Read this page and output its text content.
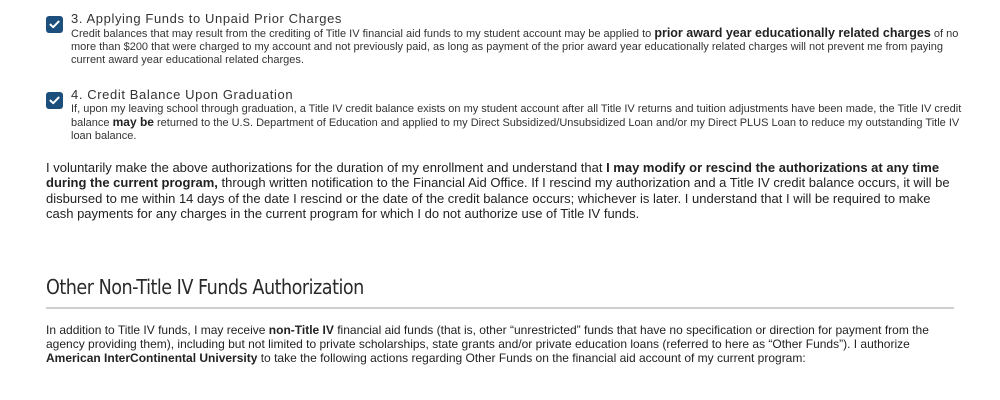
3. Applying Funds to Unpaid Prior Charges
Credit balances that may result from the crediting of Title IV financial aid funds to my student account may be applied to prior award year educationally related charges of no more than $200 that were charged to my account and not previously paid, as long as payment of the prior award year educationally related charges will not prevent me from paying current award year educational related charges.
4. Credit Balance Upon Graduation
If, upon my leaving school through graduation, a Title IV credit balance exists on my student account after all Title IV returns and tuition adjustments have been made, the Title IV credit balance may be returned to the U.S. Department of Education and applied to my Direct Subsidized/Unsubsidized Loan and/or my Direct PLUS Loan to reduce my outstanding Title IV loan balance.
I voluntarily make the above authorizations for the duration of my enrollment and understand that I may modify or rescind the authorizations at any time during the current program, through written notification to the Financial Aid Office. If I rescind my authorization and a Title IV credit balance occurs, it will be disbursed to me within 14 days of the date I rescind or the date of the credit balance occurs; whichever is later. I understand that I will be required to make cash payments for any charges in the current program for which I do not authorize use of Title IV funds.
Other Non-Title IV Funds Authorization
In addition to Title IV funds, I may receive non-Title IV financial aid funds (that is, other “unrestricted” funds that have no specification or direction for payment from the agency providing them), including but not limited to private scholarships, state grants and/or private education loans (referred to here as “Other Funds”). I authorize American InterContinental University to take the following actions regarding Other Funds on the financial aid account of my current program:
